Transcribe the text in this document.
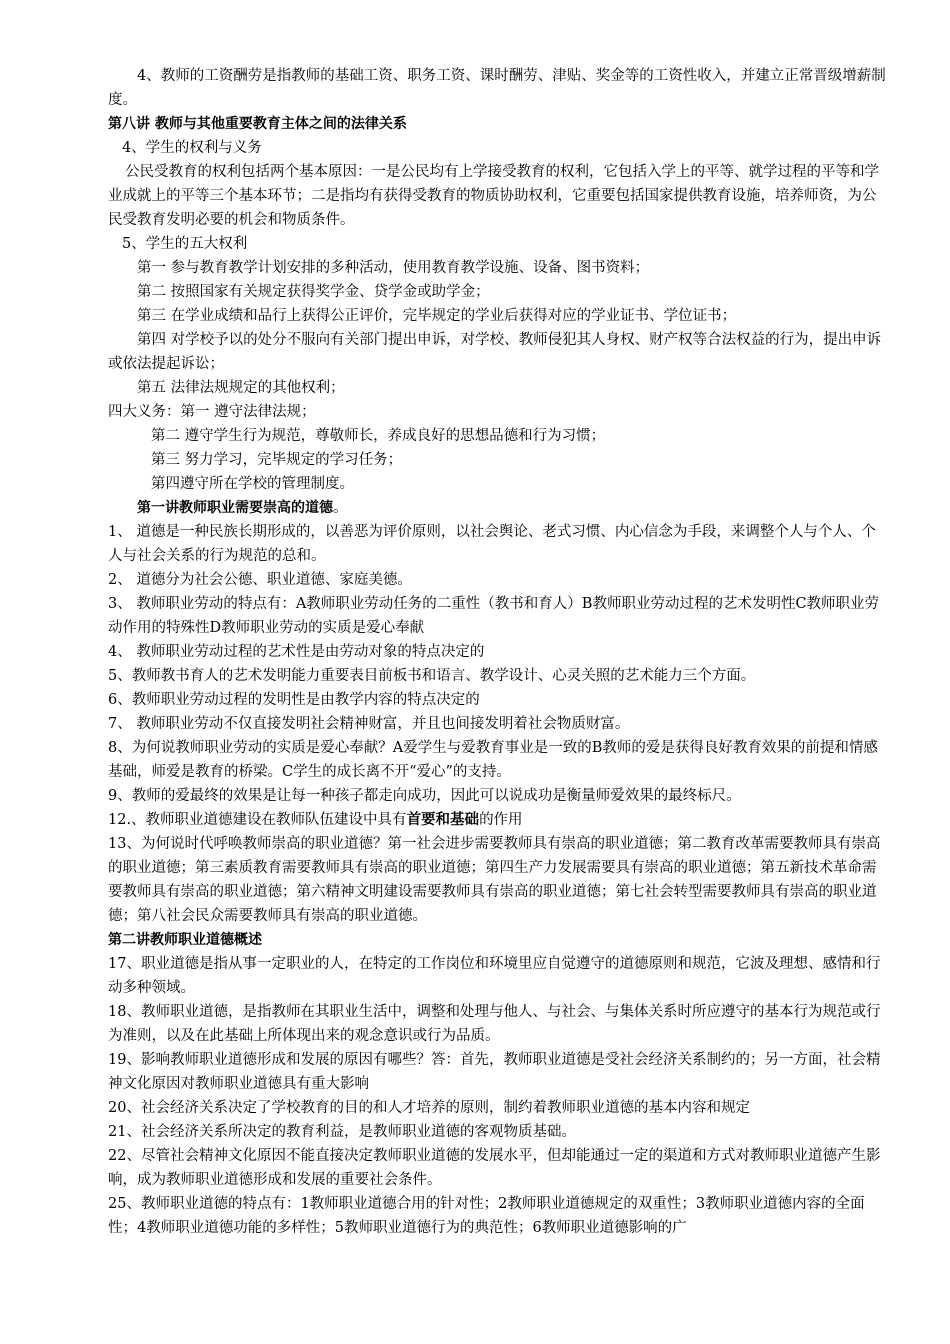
4、教师的工资酬劳是指教师的基础工资、职务工资、课时酬劳、津贴、奖金等的工资性收入，并建立正常晋级增薪制度。

第八讲 教师与其他重要教育主体之间的法律关系

4、学生的权利与义务

公民受教育的权利包括两个基本原因：一是公民均有上学接受教育的权利，它包括入学上的平等、就学过程的平等和学业成就上的平等三个基本环节；二是指均有获得受教育的物质协助权利，它重要包括国家提供教育设施，培养师资，为公民受教育发明必要的机会和物质条件。

5、学生的五大权利

第一 参与教育教学计划安排的多种活动，使用教育教学设施、设备、图书资料；

第二 按照国家有关规定获得奖学金、贷学金或助学金；

第三 在学业成绩和品行上获得公正评价，完毕规定的学业后获得对应的学业证书、学位证书；

第四 对学校予以的处分不服向有关部门提出申诉，对学校、教师侵犯其人身权、财产权等合法权益的行为，提出申诉或依法提起诉讼；

第五 法律法规规定的其他权利；

四大义务：第一 遵守法律法规；

第二 遵守学生行为规范，尊敬师长，养成良好的思想品德和行为习惯；

第三 努力学习，完毕规定的学习任务；

第四遵守所在学校的管理制度。

第一讲教师职业需要崇高的道德。

1、 道德是一种民族长期形成的，以善恶为评价原则，以社会舆论、老式习惯、内心信念为手段，来调整个人与个人、个人与社会关系的行为规范的总和。

2、 道德分为社会公德、职业道德、家庭美德。

3、 教师职业劳动的特点有：A教师职业劳动任务的二重性（教书和育人）B教师职业劳动过程的艺术发明性C教师职业劳动作用的特殊性D教师职业劳动的实质是爱心奉献

4、 教师职业劳动过程的艺术性是由劳动对象的特点决定的

5、教师教书育人的艺术发明能力重要表目前板书和语言、教学设计、心灵关照的艺术能力三个方面。

6、教师职业劳动过程的发明性是由教学内容的特点决定的

7、 教师职业劳动不仅直接发明社会精神财富，并且也间接发明着社会物质财富。

8、为何说教师职业劳动的实质是爱心奉献？A爱学生与爱教育事业是一致的B教师的爱是获得良好教育效果的前提和情感基础，师爱是教育的桥梁。C学生的成长离不开“爱心”的支持。

9、教师的爱最终的效果是让每一种孩子都走向成功，因此可以说成功是衡量师爱效果的最终标尺。

12.、教师职业道德建设在教师队伍建设中具有首要和基础的作用

13、为何说时代呼唤教师崇高的职业道德？第一社会进步需要教师具有崇高的职业道德；第二教育改革需要教师具有崇高的职业道德；第三素质教育需要教师具有崇高的职业道德；第四生产力发展需要具有崇高的职业道德；第五新技术革命需要教师具有崇高的职业道德；第六精神文明建设需要教师具有崇高的职业道德；第七社会转型需要教师具有崇高的职业道德；第八社会民众需要教师具有崇高的职业道德。

第二讲教师职业道德概述

17、职业道德是指从事一定职业的人，在特定的工作岗位和环境里应自觉遵守的道德原则和规范，它波及理想、感情和行动多种领域。

18、教师职业道德，是指教师在其职业生活中，调整和处理与他人、与社会、与集体关系时所应遵守的基本行为规范或行为准则，以及在此基础上所体现出来的观念意识或行为品质。

19、影响教师职业道德形成和发展的原因有哪些？答：首先，教师职业道德是受社会经济关系制约的；另一方面，社会精神文化原因对教师职业道德具有重大影响

20、社会经济关系决定了学校教育的目的和人才培养的原则，制约着教师职业道德的基本内容和规定

21、社会经济关系所决定的教育利益，是教师职业道德的客观物质基础。

22、尽管社会精神文化原因不能直接决定教师职业道德的发展水平，但却能通过一定的渠道和方式对教师职业道德产生影响，成为教师职业道德形成和发展的重要社会条件。

25、教师职业道德的特点有：1教师职业道德合用的针对性；2教师职业道德规定的双重性；3教师职业道德内容的全面性；4教师职业道德功能的多样性；5教师职业道德行为的典范性；6教师职业道德影响的广
